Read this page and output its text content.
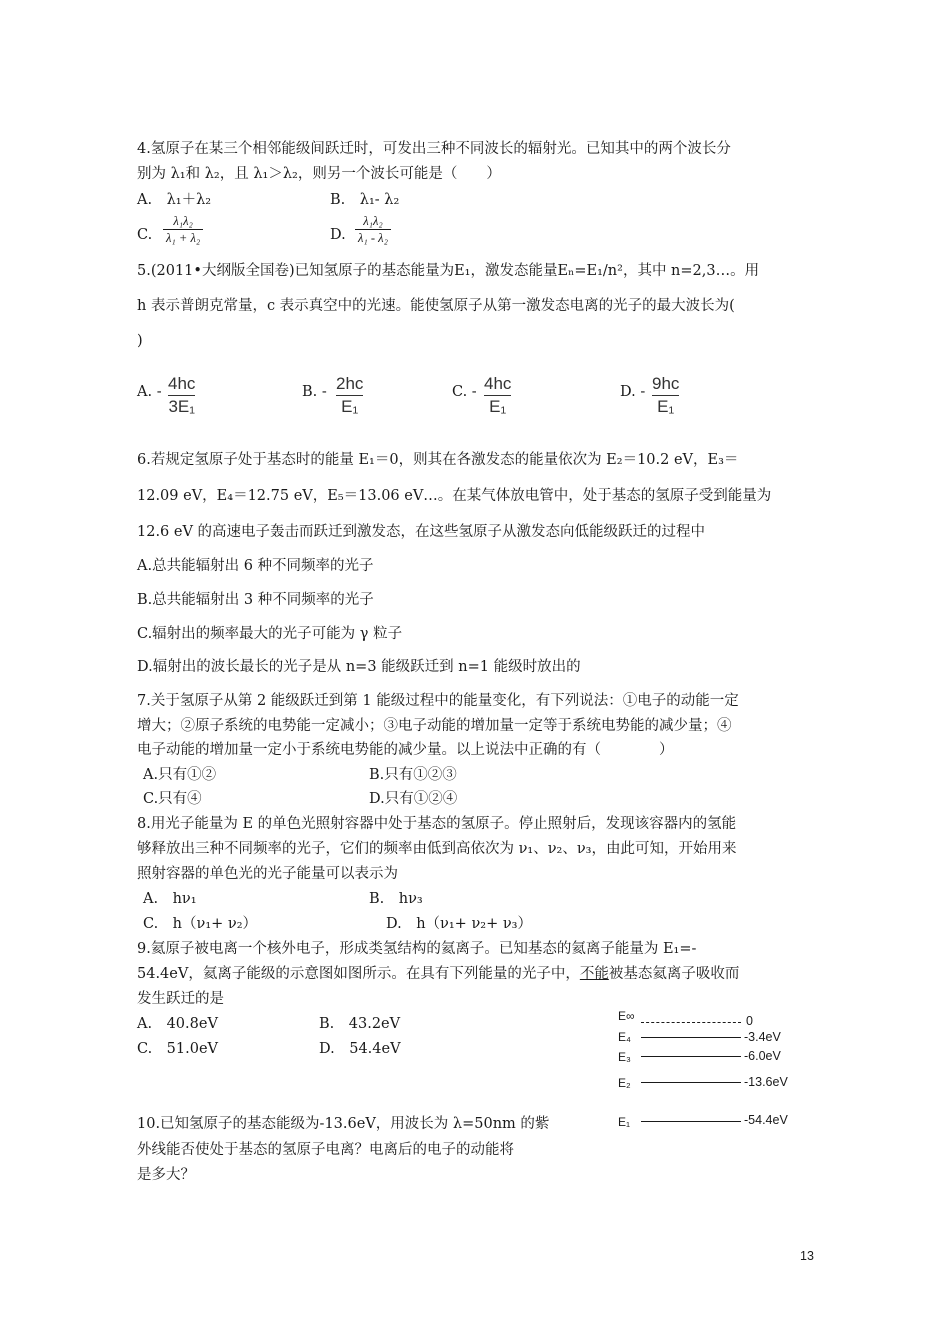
4.氢原子在某三个相邻能级间跃迁时，可发出三种不同波长的辐射光。已知其中的两个波长分
别为 λ₁和 λ₂，且 λ₁＞λ₂，则另一个波长可能是（　　）
A.　λ₁＋λ₂	B.　λ₁- λ₂
C.
λ₁λ₂
λ₁ + λ₂	D.
λ₁λ₂
λ₁ - λ₂
5.(2011•大纲版全国卷)已知氢原子的基态能量为E₁，激发态能量Eₙ=E₁/n²，其中 n=2,3…。用
h 表示普朗克常量，c 表示真空中的光速。能使氢原子从第一激发态电离的光子的最大波长为(
)
A. - 4hc
3E₁
B. - 2hc
E₁
C. - 4hc
E₁
D. - 9hc
E₁
6.若规定氢原子处于基态时的能量 E₁＝0，则其在各激发态的能量依次为 E₂＝10.2 eV，E₃＝
12.09 eV，E₄＝12.75 eV，E₅＝13.06 eV…。在某气体放电管中，处于基态的氢原子受到能量为
12.6 eV 的高速电子轰击而跃迁到激发态，在这些氢原子从激发态向低能级跃迁的过程中
A.总共能辐射出 6 种不同频率的光子
B.总共能辐射出 3 种不同频率的光子
C.辐射出的频率最大的光子可能为 γ 粒子
D.辐射出的波长最长的光子是从 n=3 能级跃迁到 n=1 能级时放出的
7.关于氢原子从第 2 能级跃迁到第 1 能级过程中的能量变化，有下列说法：①电子的动能一定
增大；②原子系统的电势能一定减小；③电子动能的增加量一定等于系统电势能的减少量；④
电子动能的增加量一定小于系统电势能的减少量。以上说法中正确的有（　　　　）
A.只有①②	B.只有①②③
C.只有④	D.只有①②④
8.用光子能量为 E 的单色光照射容器中处于基态的氢原子。停止照射后，发现该容器内的氢能
够释放出三种不同频率的光子，它们的频率由低到高依次为 ν₁、ν₂、ν₃，由此可知，开始用来
照射容器的单色光的光子能量可以表示为
A.　hν₁	B.　hν₃
C.　h（ν₁+ ν₂）	D.　h（ν₁+ ν₂+ ν₃）
9.氦原子被电离一个核外电子，形成类氢结构的氦离子。已知基态的氦离子能量为 E₁=-
54.4eV，氦离子能级的示意图如图所示。在具有下列能量的光子中，不能被基态氦离子吸收而
发生跃迁的是
A.　40.8eV	B.　43.2eV
C.　51.0eV	D.　54.4eV
E∞	0
E₄	-3.4eV
E₃	-6.0eV
E₂	-13.6eV
E₁	-54.4eV
10.已知氢原子的基态能级为-13.6eV，用波长为 λ=50nm 的紫
外线能否使处于基态的氢原子电离？电离后的电子的动能将
是多大？
13
